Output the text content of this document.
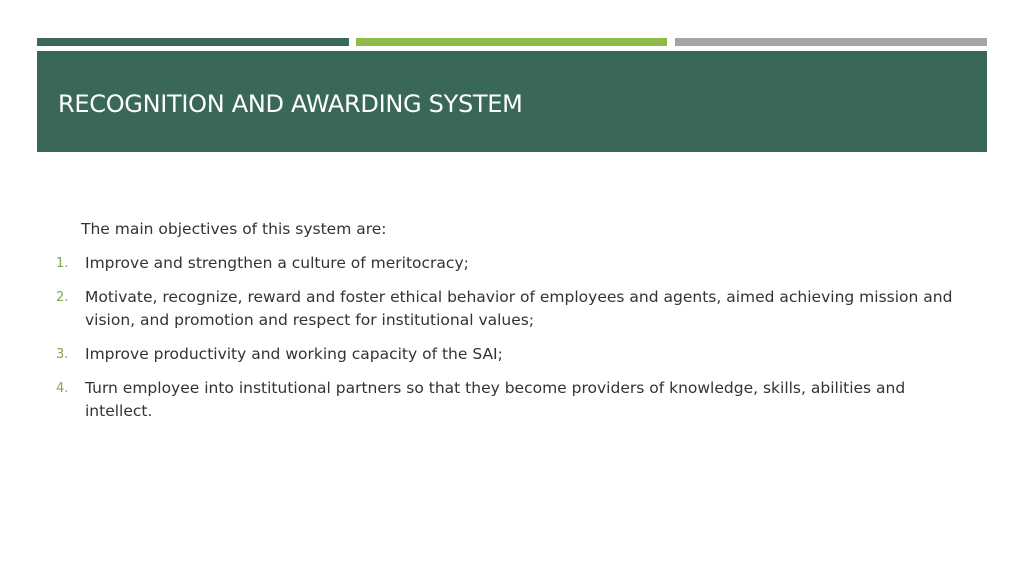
RECOGNITION AND AWARDING SYSTEM

The main objectives of this system are:

1. Improve and strengthen a culture of meritocracy;
2. Motivate, recognize, reward and foster ethical behavior of employees and agents, aimed achieving mission and vision, and promotion and respect for institutional values;
3. Improve productivity and working capacity of the SAI;
4. Turn employee into institutional partners so that they become providers of knowledge, skills, abilities and intellect.
